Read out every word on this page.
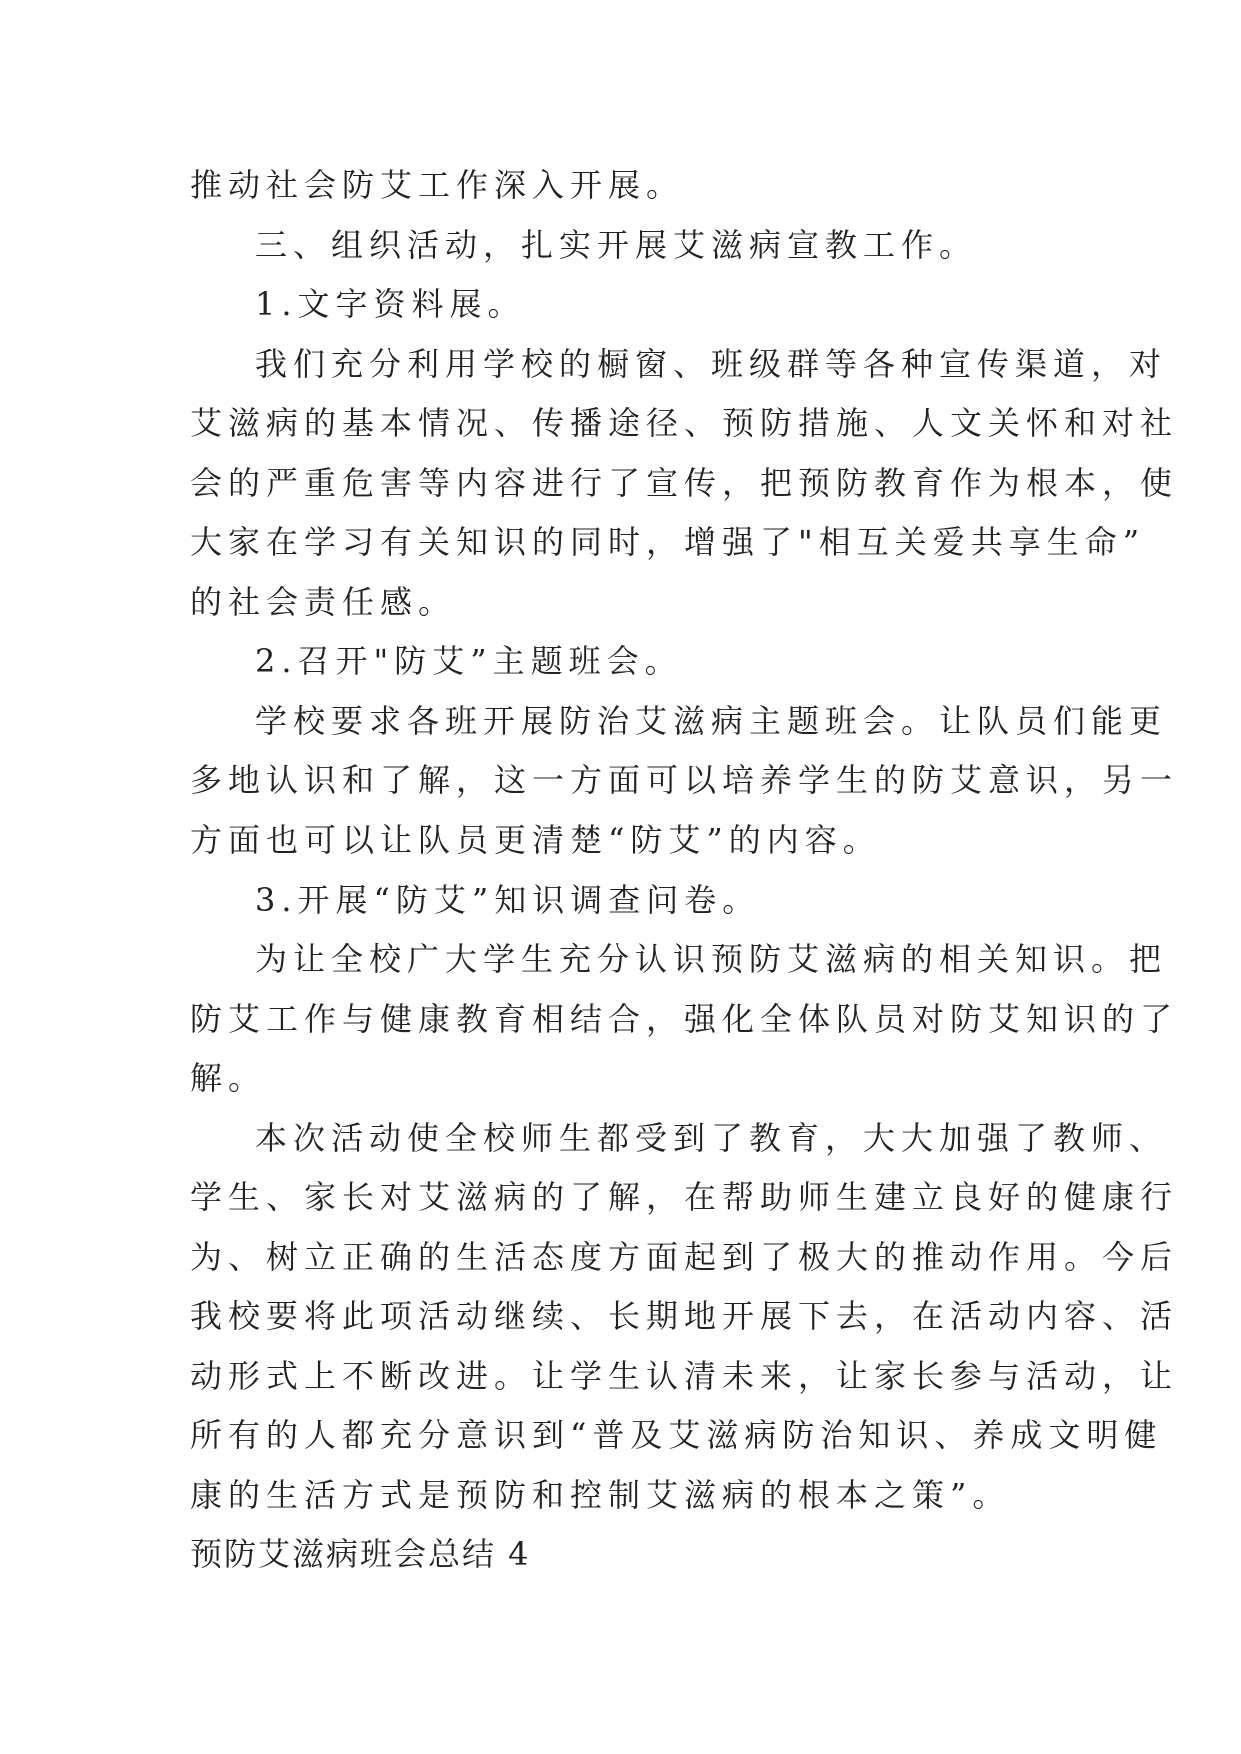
推动社会防艾工作深入开展。
三、组织活动，扎实开展艾滋病宣教工作。
1.文字资料展。
我们充分利用学校的橱窗、班级群等各种宣传渠道，对
艾滋病的基本情况、传播途径、预防措施、人文关怀和对社
会的严重危害等内容进行了宣传，把预防教育作为根本，使
大家在学习有关知识的同时，增强了"相互关爱共享生命”
的社会责任感。
2.召开"防艾”主题班会。
学校要求各班开展防治艾滋病主题班会。让队员们能更
多地认识和了解，这一方面可以培养学生的防艾意识，另一
方面也可以让队员更清楚“防艾”的内容。
3.开展“防艾”知识调查问卷。
为让全校广大学生充分认识预防艾滋病的相关知识。把
防艾工作与健康教育相结合，强化全体队员对防艾知识的了
解。
本次活动使全校师生都受到了教育，大大加强了教师、
学生、家长对艾滋病的了解，在帮助师生建立良好的健康行
为、树立正确的生活态度方面起到了极大的推动作用。今后
我校要将此项活动继续、长期地开展下去，在活动内容、活
动形式上不断改进。让学生认清未来，让家长参与活动，让
所有的人都充分意识到“普及艾滋病防治知识、养成文明健
康的生活方式是预防和控制艾滋病的根本之策”。
预防艾滋病班会总结 4
